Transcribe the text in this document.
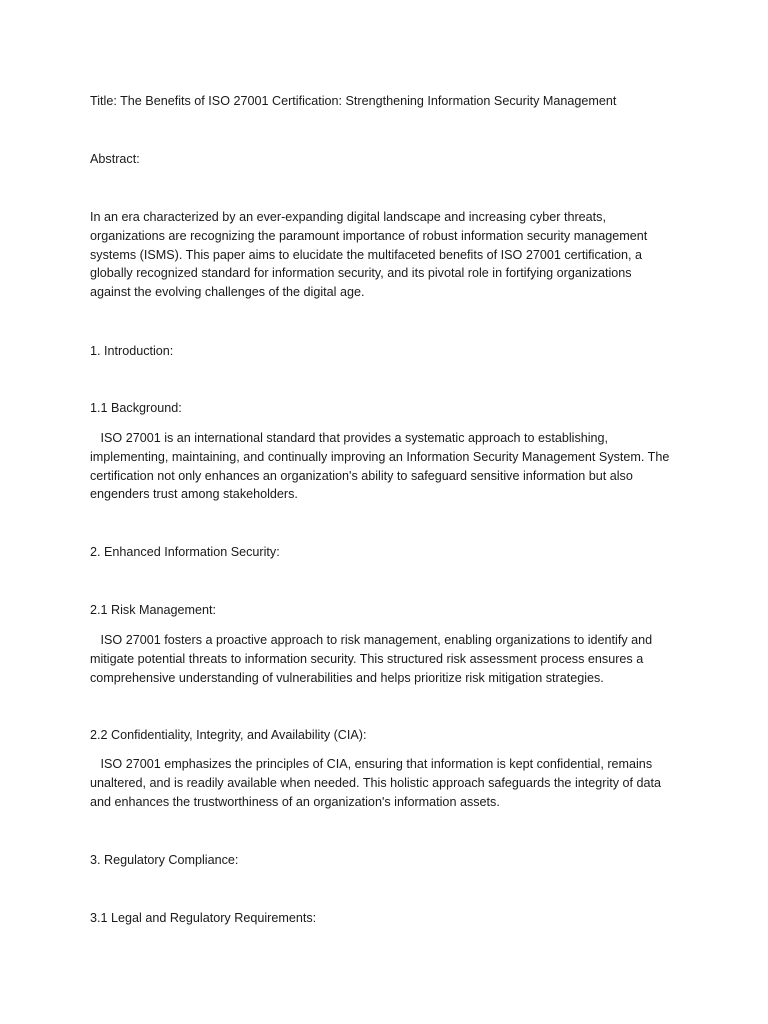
Title: The Benefits of ISO 27001 Certification: Strengthening Information Security Management

Abstract:

In an era characterized by an ever-expanding digital landscape and increasing cyber threats,
organizations are recognizing the paramount importance of robust information security management
systems (ISMS). This paper aims to elucidate the multifaceted benefits of ISO 27001 certification, a
globally recognized standard for information security, and its pivotal role in fortifying organizations
against the evolving challenges of the digital age.

1. Introduction:

1.1 Background:

ISO 27001 is an international standard that provides a systematic approach to establishing,
implementing, maintaining, and continually improving an Information Security Management System. The
certification not only enhances an organization's ability to safeguard sensitive information but also
engenders trust among stakeholders.

2. Enhanced Information Security:

2.1 Risk Management:

ISO 27001 fosters a proactive approach to risk management, enabling organizations to identify and
mitigate potential threats to information security. This structured risk assessment process ensures a
comprehensive understanding of vulnerabilities and helps prioritize risk mitigation strategies.

2.2 Confidentiality, Integrity, and Availability (CIA):

ISO 27001 emphasizes the principles of CIA, ensuring that information is kept confidential, remains
unaltered, and is readily available when needed. This holistic approach safeguards the integrity of data
and enhances the trustworthiness of an organization's information assets.

3. Regulatory Compliance:

3.1 Legal and Regulatory Requirements:
